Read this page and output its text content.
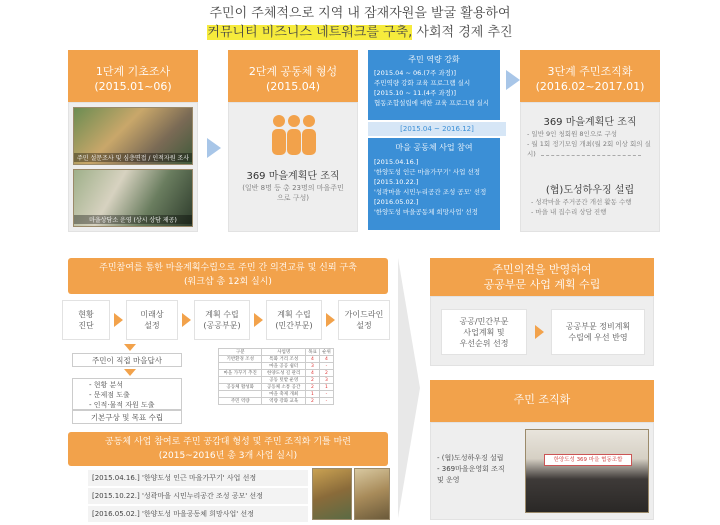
주민이 주체적으로 지역 내 잠재자원을 발굴 활용하여
커뮤니티 비즈니스 네트워크를 구축, 사회적 경제 추진
1단계 기초조사
(2015.01~06)
주민 설문조사 및 심층면접 / 인적자원 조사
마을상담소 운영 (상시 상담 제공)
2단계 공동체 형성
(2015.04)
369 마을계획단 조직
(일반 8명 등 총 23명의 마을주민으로 구성)
주민 역량 강화
[2015.04 ~ 06.(7주 과정)]
주민역량 강화 교육 프로그램 실시
[2015.10 ~ 11.(4주 과정)]
협동조합설립에 대한 교육 프로그램 실시
[2015.04 ~ 2016.12]
마을 공동체 사업 참여
[2015.04.16.]
'한양도성 인근 마을가꾸기' 사업 선정
[2015.10.22.]
'성곽마을 시민누리공간 조성 공모' 선정
[2016.05.02.]
'한양도성 마을공동체 희망사업' 선정
3단계 주민조직화
(2016.02~2017.01)
369 마을계획단 조직
- 일반 9인 청회원 8인으로 구성
- 월 1회 정기모임 개최(월 2회 이상 회의 실시)
(협)도성하우징 설립
- 성곽마을 주거공간 개선 활동 수행
- 마을 내 집수리 상담 진행
주민참여를 통한 마을계획수립으로 주민 간 의견교류 및 신뢰 구축
(워크샵 총 12회 실시)
현황
진단
미래상
설정
계획 수립
(공공부문)
계획 수립
(민간부문)
가이드라인
설정
주민이 직접 마을답사
- 현황 분석
- 문제점 도출
- 인적·물적 자원 도출
기본구상 및 목표 수립
구분	사업명	목표	순위
기반환경 조성	특화 거리 조성	4	4
	마을 공공 쉼터	3	-
마을 가꾸기 추진	한양도성 길 관리	4	2
	공동 텃밭 운영	2	3
공동체 활성화	공동체 소통 공간	2	1
	마을 축제 개최	1	-
주민 역량	역량 강화 교육	2	-
공동체 사업 참여로 주민 공감대 형성 및 주민 조직화 기틀 마련
(2015~2016년 총 3개 사업 실시)
[2015.04.16.] '한양도성 인근 마을가꾸기' 사업 선정
[2015.10.22.] '성곽마을 시민누리공간 조성 공모' 선정
[2016.05.02.] '한양도성 마을공동체 희망사업' 선정
주민의견을 반영하여
공공부문 사업 계획 수립
공공/민간부문
사업계획 및
우선순위 선정
공공부문 정비계획
수립에 우선 반영
주민 조직화
- (협)도성하우징 설립
- 369마을운영회 조직
및 운영
한양도성 369 마을 협동조합
